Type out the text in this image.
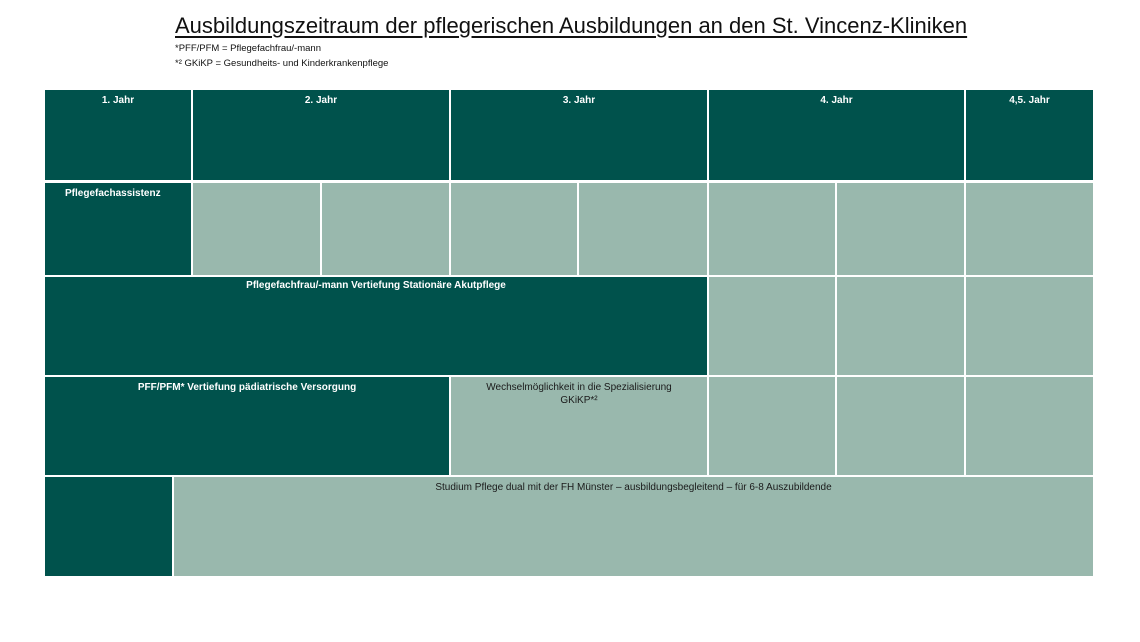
Ausbildungszeitraum der pflegerischen Ausbildungen an den St. Vincenz-Kliniken
*PFF/PFM = Pflegefachfrau/-mann
*² GKiKP = Gesundheits- und Kinderkrankenpflege
1. Jahr	2. Jahr	3. Jahr	4. Jahr	4,5. Jahr
Pflegefachassistenz
Pflegefachfrau/-mann Vertiefung Stationäre Akutpflege
PFF/PFM* Vertiefung pädiatrische Versorgung	Wechselmöglichkeit in die Spezialisierung
GKiKP*²
Studium Pflege dual mit der FH Münster – ausbildungsbegleitend – für 6-8 Auszubildende
